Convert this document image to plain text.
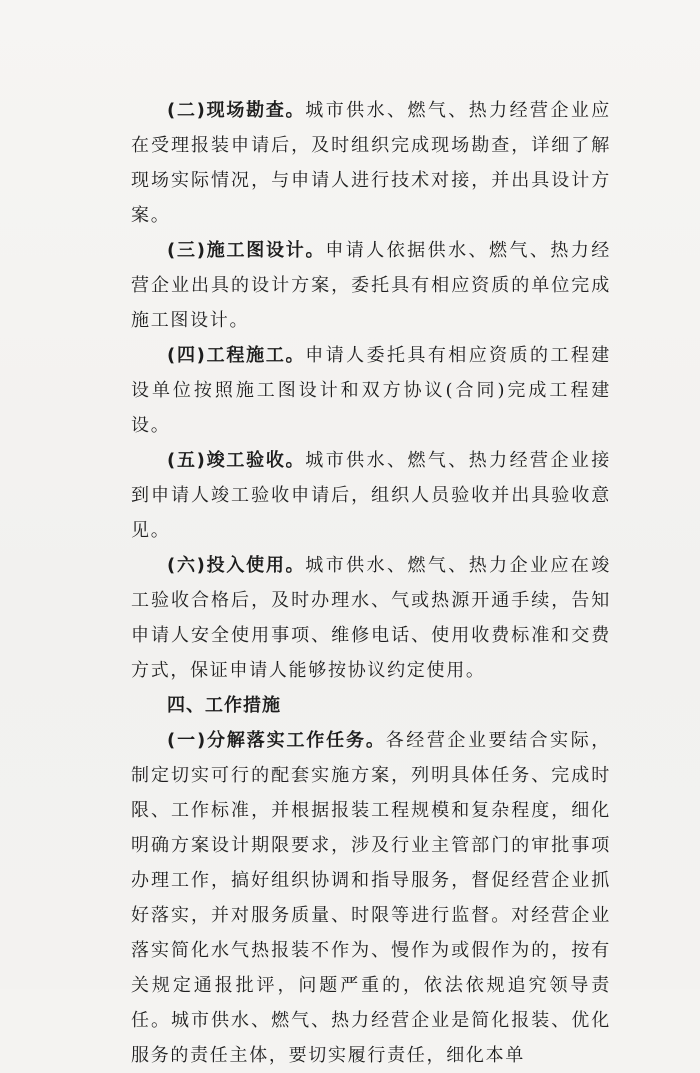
(二)现场勘查。城市供水、燃气、热力经营企业应在受理报装申请后，及时组织完成现场勘查，详细了解现场实际情况，与申请人进行技术对接，并出具设计方案。

(三)施工图设计。申请人依据供水、燃气、热力经营企业出具的设计方案，委托具有相应资质的单位完成施工图设计。

(四)工程施工。申请人委托具有相应资质的工程建设单位按照施工图设计和双方协议(合同)完成工程建设。

(五)竣工验收。城市供水、燃气、热力经营企业接到申请人竣工验收申请后，组织人员验收并出具验收意见。

(六)投入使用。城市供水、燃气、热力企业应在竣工验收合格后，及时办理水、气或热源开通手续，告知申请人安全使用事项、维修电话、使用收费标准和交费方式，保证申请人能够按协议约定使用。

四、工作措施

(一)分解落实工作任务。各经营企业要结合实际，制定切实可行的配套实施方案，列明具体任务、完成时限、工作标准，并根据报装工程规模和复杂程度，细化明确方案设计期限要求，涉及行业主管部门的审批事项办理工作，搞好组织协调和指导服务，督促经营企业抓好落实，并对服务质量、时限等进行监督。对经营企业落实简化水气热报装不作为、慢作为或假作为的，按有关规定通报批评，问题严重的，依法依规追究领导责任。城市供水、燃气、热力经营企业是简化报装、优化服务的责任主体，要切实履行责任，细化本单
